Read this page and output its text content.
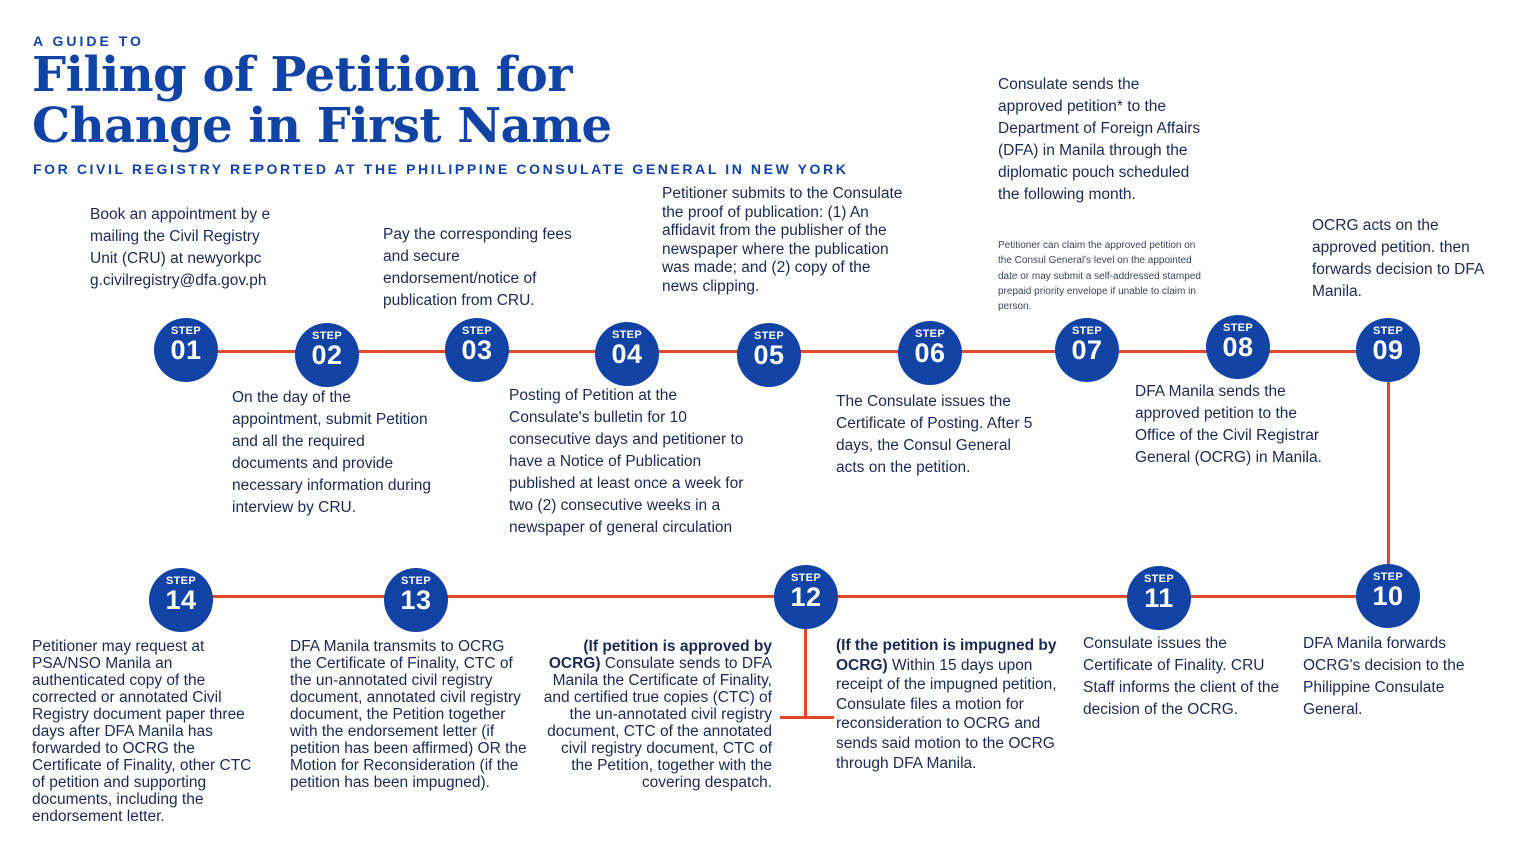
A GUIDE TO
Filing of Petition for
Change in First Name
FOR CIVIL REGISTRY REPORTED AT THE PHILIPPINE CONSULATE GENERAL IN NEW YORK
STEP
01	STEP
02
STEP
03	STEP
04
STEP
05
STEP
06
STEP
07
STEP
08
STEP
09
STEP
10
STEP
11
STEP
12
STEP
13
STEP
14
Book an appointment by emailing the Civil Registry Unit (CRU) at newyorkpcg.civilregistry@dfa.gov.ph
On the day of the appointment, submit Petition and all the required documents and provide necessary information during interview by CRU.
Pay the corresponding fees and secure endorsement/notice of publication from CRU.
Posting of Petition at the Consulate's bulletin for 10 consecutive days and petitioner to have a Notice of Publication published at least once a week for two (2) consecutive weeks in a newspaper of general circulation
Petitioner submits to the Consulate the proof of publication: (1) An affidavit from the publisher of the newspaper where the publication was made; and (2) copy of the news clipping.
The Consulate issues the Certificate of Posting. After 5 days, the Consul General acts on the petition.
Consulate sends the approved petition* to the Department of Foreign Affairs (DFA) in Manila through the diplomatic pouch scheduled the following month.
Petitioner can claim the approved petition on the Consul General's level on the appointed date or may submit a self-addressed stamped prepaid priority envelope if unable to claim in person.
DFA Manila sends the approved petition to the Office of the Civil Registrar General (OCRG) in Manila.
OCRG acts on the approved petition. then forwards decision to DFA Manila.
DFA Manila forwards OCRG's decision to the Philippine Consulate General.
Consulate issues the Certificate of Finality. CRU Staff informs the client of the decision of the OCRG.
(If petition is approved by OCRG) Consulate sends to DFA Manila the Certificate of Finality, and certified true copies (CTC) of the un-annotated civil registry document, CTC of the annotated civil registry document, CTC of the Petition, together with the covering despatch.
(If the petition is impugned by OCRG) Within 15 days upon receipt of the impugned petition, Consulate files a motion for reconsideration to OCRG and sends said motion to the OCRG through DFA Manila.
DFA Manila transmits to OCRG the Certificate of Finality, CTC of the un-annotated civil registry document, annotated civil registry document, the Petition together with the endorsement letter (if petition has been affirmed) OR the Motion for Reconsideration (if the petition has been impugned).
Petitioner may request at PSA/NSO Manila an authenticated copy of the corrected or annotated Civil Registry document paper three days after DFA Manila has forwarded to OCRG the Certificate of Finality, other CTC of petition and supporting documents, including the endorsement letter.
